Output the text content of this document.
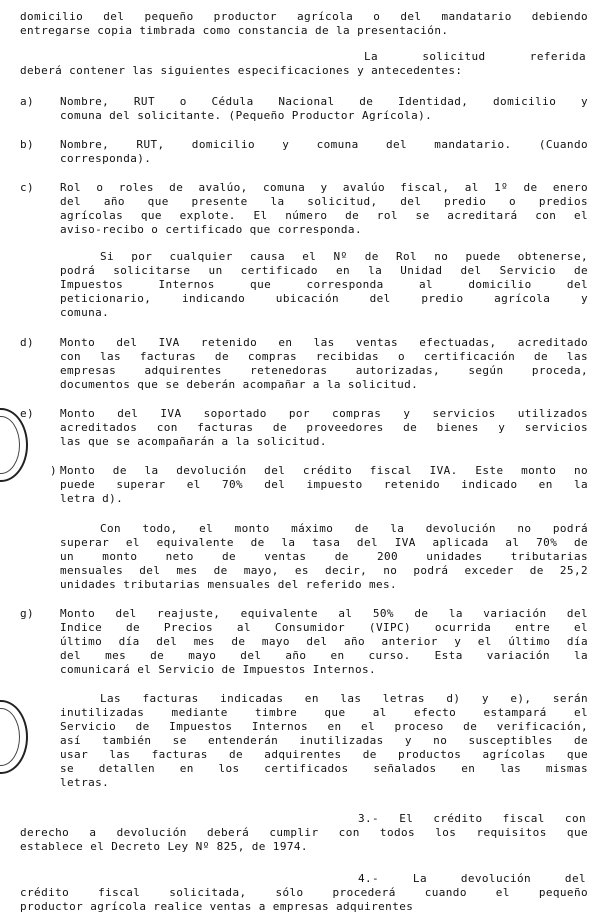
domicilio del pequeño productor agrícola o del mandatario debiendo
entregarse copia timbrada como constancia de la presentación.
La solicitud referida
deberá contener las siguientes especificaciones y antecedentes:
a) Nombre, RUT o Cédula Nacional de Identidad, domicilio y
comuna del solicitante. (Pequeño Productor Agrícola).
b) Nombre, RUT, domicilio y comuna del mandatario. (Cuando
corresponda).
c) Rol o roles de avalúo, comuna y avalúo fiscal, al 1º de enero
del año que presente la solicitud, del predio o predios
agrícolas que explote. El número de rol se acreditará con el
aviso-recibo o certificado que corresponda.
Si por cualquier causa el Nº de Rol no puede obtenerse,
podrá solicitarse un certificado en la Unidad del Servicio de
Impuestos Internos que corresponda al domicilio del
peticionario, indicando ubicación del predio agrícola y
comuna.
d) Monto del IVA retenido en las ventas efectuadas, acreditado
con las facturas de compras recibidas o certificación de las
empresas adquirentes retenedoras autorizadas, según proceda,
documentos que se deberán acompañar a la solicitud.
e) Monto del IVA soportado por compras y servicios utilizados
acreditados con facturas de proveedores de bienes y servicios
las que se acompañarán a la solicitud.
) Monto de la devolución del crédito fiscal IVA. Este monto no
puede superar el 70% del impuesto retenido indicado en la
letra d).
Con todo, el monto máximo de la devolución no podrá
superar el equivalente de la tasa del IVA aplicada al 70% de
un monto neto de ventas de 200 unidades tributarias
mensuales del mes de mayo, es decir, no podrá exceder de 25,2
unidades tributarias mensuales del referido mes.
g) Monto del reajuste, equivalente al 50% de la variación del
Indice de Precios al Consumidor (VIPC) ocurrida entre el
último día del mes de mayo del año anterior y el último día
del mes de mayo del año en curso. Esta variación la
comunicará el Servicio de Impuestos Internos.
Las facturas indicadas en las letras d) y e), serán
inutilizadas mediante timbre que al efecto estampará el
Servicio de Impuestos Internos en el proceso de verificación,
así también se entenderán inutilizadas y no susceptibles de
usar las facturas de adquirentes de productos agrícolas que
se detallen en los certificados señalados en las mismas
letras.
3.- El crédito fiscal con
derecho a devolución deberá cumplir con todos los requisitos que
establece el Decreto Ley Nº 825, de 1974.
4.- La devolución del
crédito fiscal solicitada, sólo procederá cuando el pequeño
productor agrícola realice ventas a empresas adquirentes
